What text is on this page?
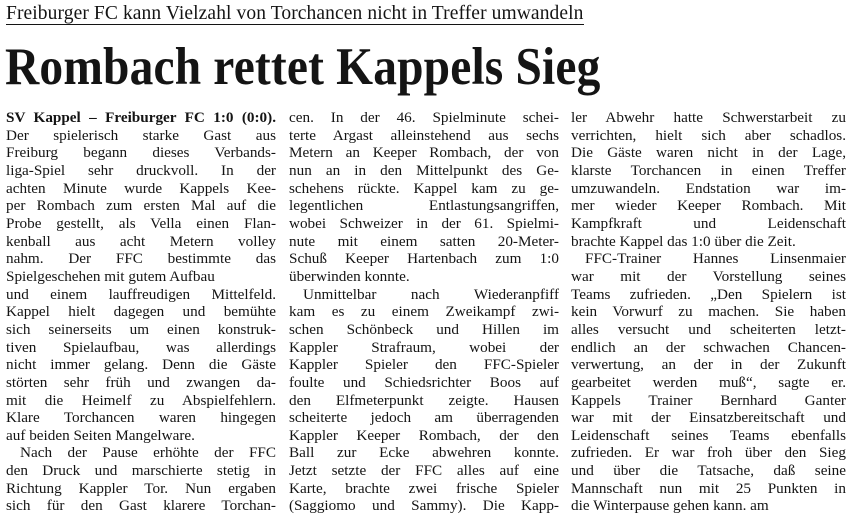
Freiburger FC kann Vielzahl von Torchancen nicht in Treffer umwandeln
Rombach rettet Kappels Sieg
SV Kappel – Freiburger FC 1:0 (0:0).
Der spielerisch starke Gast aus
Freiburg begann dieses Verbands-
liga-Spiel sehr druckvoll. In der
achten Minute wurde Kappels Kee-
per Rombach zum ersten Mal auf die
Probe gestellt, als Vella einen Flan-
kenball aus acht Metern volley
nahm. Der FFC bestimmte das
Spielgeschehen mit gutem Aufbau
und einem lauffreudigen Mittelfeld.
Kappel hielt dagegen und bemühte
sich seinerseits um einen konstruk-
tiven Spielaufbau, was allerdings
nicht immer gelang. Denn die Gäste
störten sehr früh und zwangen da-
mit die Heimelf zu Abspielfehlern.
Klare Torchancen waren hingegen
auf beiden Seiten Mangelware.
Nach der Pause erhöhte der FFC
den Druck und marschierte stetig in
Richtung Kappler Tor. Nun ergaben
sich für den Gast klarere Torchan-
cen. In der 46. Spielminute schei-
terte Argast alleinstehend aus sechs
Metern an Keeper Rombach, der von
nun an in den Mittelpunkt des Ge-
schehens rückte. Kappel kam zu ge-
legentlichen Entlastungsangriffen,
wobei Schweizer in der 61. Spielmi-
nute mit einem satten 20-Meter-
Schuß Keeper Hartenbach zum 1:0
überwinden konnte.
Unmittelbar nach Wiederanpfiff
kam es zu einem Zweikampf zwi-
schen Schönbeck und Hillen im
Kappler Strafraum, wobei der
Kappler Spieler den FFC-Spieler
foulte und Schiedsrichter Boos auf
den Elfmeterpunkt zeigte. Hausen
scheiterte jedoch am überragenden
Kappler Keeper Rombach, der den
Ball zur Ecke abwehren konnte.
Jetzt setzte der FFC alles auf eine
Karte, brachte zwei frische Spieler
(Saggiomo und Sammy). Die Kapp-
ler Abwehr hatte Schwerstarbeit zu
verrichten, hielt sich aber schadlos.
Die Gäste waren nicht in der Lage,
klarste Torchancen in einen Treffer
umzuwandeln. Endstation war im-
mer wieder Keeper Rombach. Mit
Kampfkraft und Leidenschaft
brachte Kappel das 1:0 über die Zeit.
FFC-Trainer Hannes Linsenmaier
war mit der Vorstellung seines
Teams zufrieden. „Den Spielern ist
kein Vorwurf zu machen. Sie haben
alles versucht und scheiterten letzt-
endlich an der schwachen Chancen-
verwertung, an der in der Zukunft
gearbeitet werden muß“, sagte er.
Kappels Trainer Bernhard Ganter
war mit der Einsatzbereitschaft und
Leidenschaft seines Teams ebenfalls
zufrieden. Er war froh über den Sieg
und über die Tatsache, daß seine
Mannschaft nun mit 25 Punkten in
die Winterpause gehen kann. am
